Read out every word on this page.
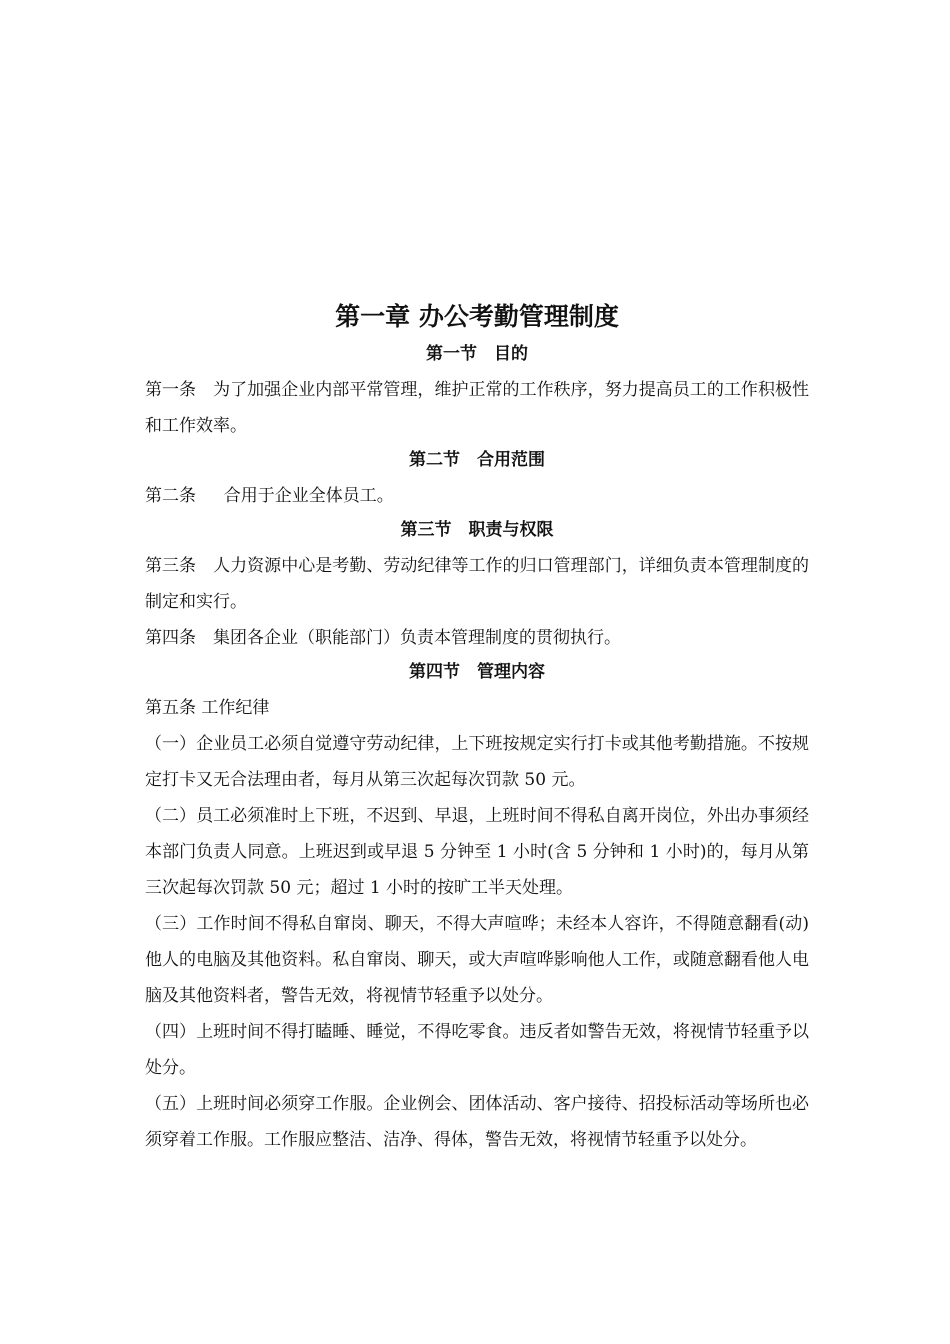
第一章 办公考勤管理制度
第一节　目的

第一条　为了加强企业内部平常管理，维护正常的工作秩序，努力提高员工的工作积极性和工作效率。

第二节　合用范围

第二条　  合用于企业全体员工。

第三节　职责与权限

第三条　人力资源中心是考勤、劳动纪律等工作的归口管理部门，详细负责本管理制度的制定和实行。

第四条　集团各企业（职能部门）负责本管理制度的贯彻执行。

第四节　管理内容

第五条 工作纪律

（一）企业员工必须自觉遵守劳动纪律，上下班按规定实行打卡或其他考勤措施。不按规定打卡又无合法理由者，每月从第三次起每次罚款 50 元。

（二）员工必须准时上下班，不迟到、早退，上班时间不得私自离开岗位，外出办事须经本部门负责人同意。上班迟到或早退 5 分钟至 1 小时(含 5 分钟和 1 小时)的，每月从第三次起每次罚款 50 元；超过 1 小时的按旷工半天处理。

（三）工作时间不得私自窜岗、聊天，不得大声喧哗；未经本人容许，不得随意翻看(动)他人的电脑及其他资料。私自窜岗、聊天，或大声喧哗影响他人工作，或随意翻看他人电脑及其他资料者，警告无效，将视情节轻重予以处分。

（四）上班时间不得打瞌睡、睡觉，不得吃零食。违反者如警告无效，将视情节轻重予以处分。

（五）上班时间必须穿工作服。企业例会、团体活动、客户接待、招投标活动等场所也必须穿着工作服。工作服应整洁、洁净、得体，警告无效，将视情节轻重予以处分。
